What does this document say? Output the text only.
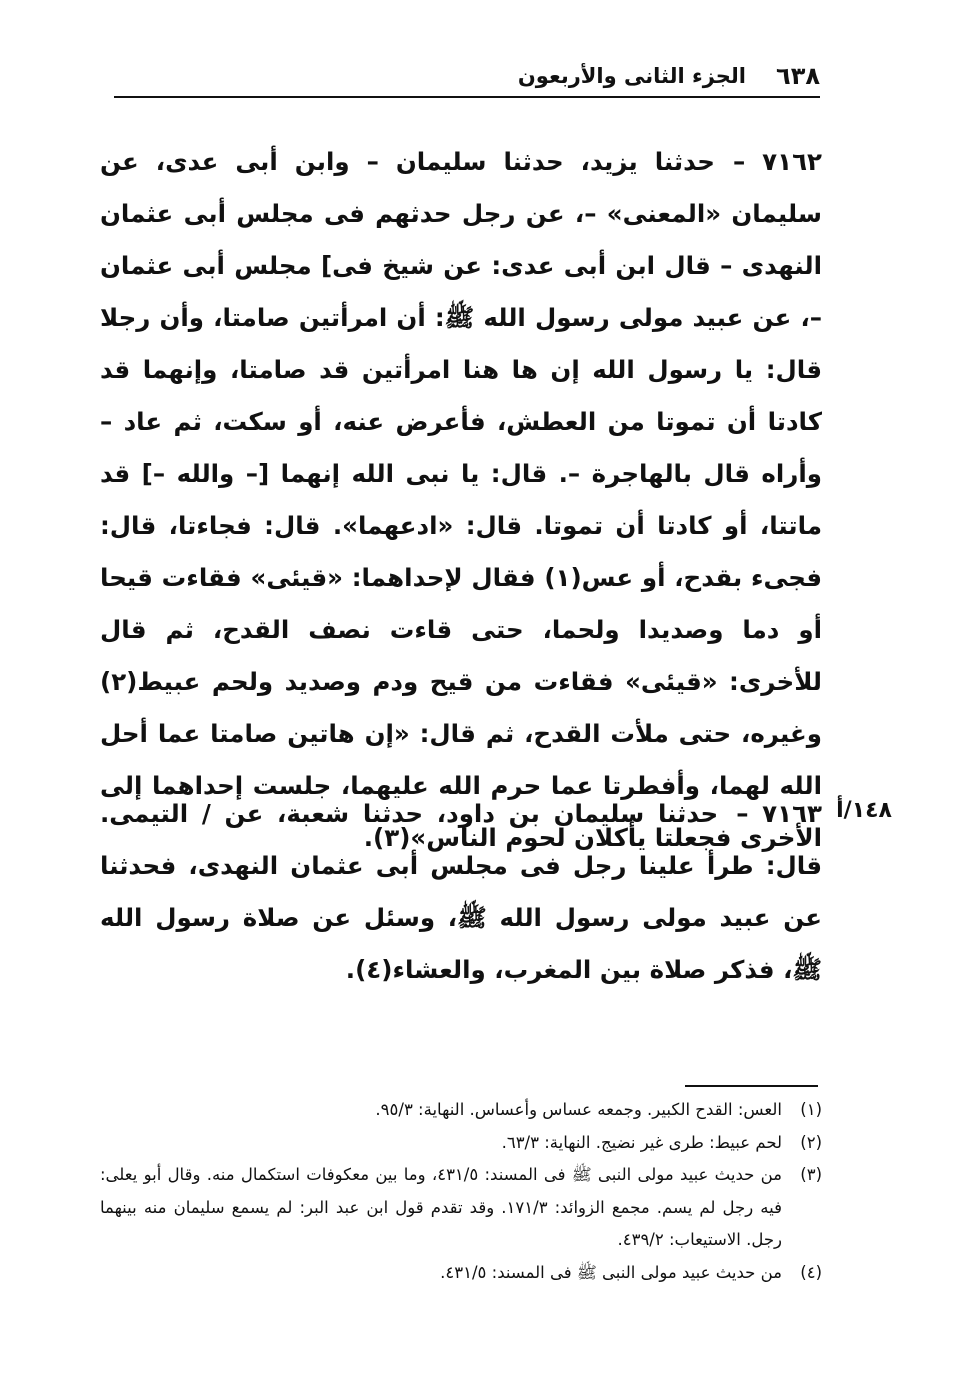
٦٣٨
الجزء الثانى والأربعون

٧١٦٢ –حدثنا يزيد، حدثنا سليمان – وابن أبى عدى، عن سليمان «المعنى» –، عن رجل حدثهم فى مجلس أبى عثمان النهدى – قال ابن أبى عدى: عن شيخ فى] مجلس أبى عثمان –، عن عبيد مولى رسول الله ﷺ: أن امرأتين صامتا، وأن رجلا قال: يا رسول الله إن ها هنا امرأتين قد صامتا، وإنهما قد كادتا أن تموتا من العطش، فأعرض عنه، أو سكت، ثم عاد – وأراه قال بالهاجرة –. قال: يا نبى الله إنهما [– والله –] قد ماتتا، أو كادتا أن تموتا. قال: «ادعهما». قال: فجاءتا، قال: فجىء بقدح، أو عس(١) فقال لإحداهما: «قيئى» فقاءت قيحا أو دما وصديدا ولحما، حتى قاءت نصف القدح، ثم قال للأخرى: «قيئى» فقاءت من قيح ودم وصديد ولحم عبيط(٢) وغيره، حتى ملأت القدح، ثم قال: «إن هاتين صامتا عما أحل الله لهما، وأفطرتا عما حرم الله عليهما، جلست إحداهما إلى الأخرى فجعلتا يأكلان لحوم الناس»(٣).

١٤٨/أ

٧١٦٣ –حدثنا سليمان بن داود، حدثنا شعبة، عن / التيمى. قال: طرأ علينا رجل فى مجلس أبى عثمان النهدى، فحدثنا عن عبيد مولى رسول الله ﷺ، وسئل عن صلاة رسول الله ﷺ، فذكر صلاة بين المغرب، والعشاء(٤).

(١)العس: القدح الكبير. وجمعه عساس وأعساس. النهاية: ٩٥/٣.
(٢)لحم عبيط: طرى غير نضيج. النهاية: ٦٣/٣.
(٣)من حديث عبيد مولى النبى ﷺ فى المسند: ٤٣١/٥، وما بين معكوفات استكمال منه. وقال أبو يعلى: فيه رجل لم يسم. مجمع الزوائد: ١٧١/٣. وقد تقدم قول ابن عبد البر: لم يسمع سليمان منه بينهما رجل. الاستيعاب: ٤٣٩/٢.
(٤)من حديث عبيد مولى النبى ﷺ فى المسند: ٤٣١/٥.
